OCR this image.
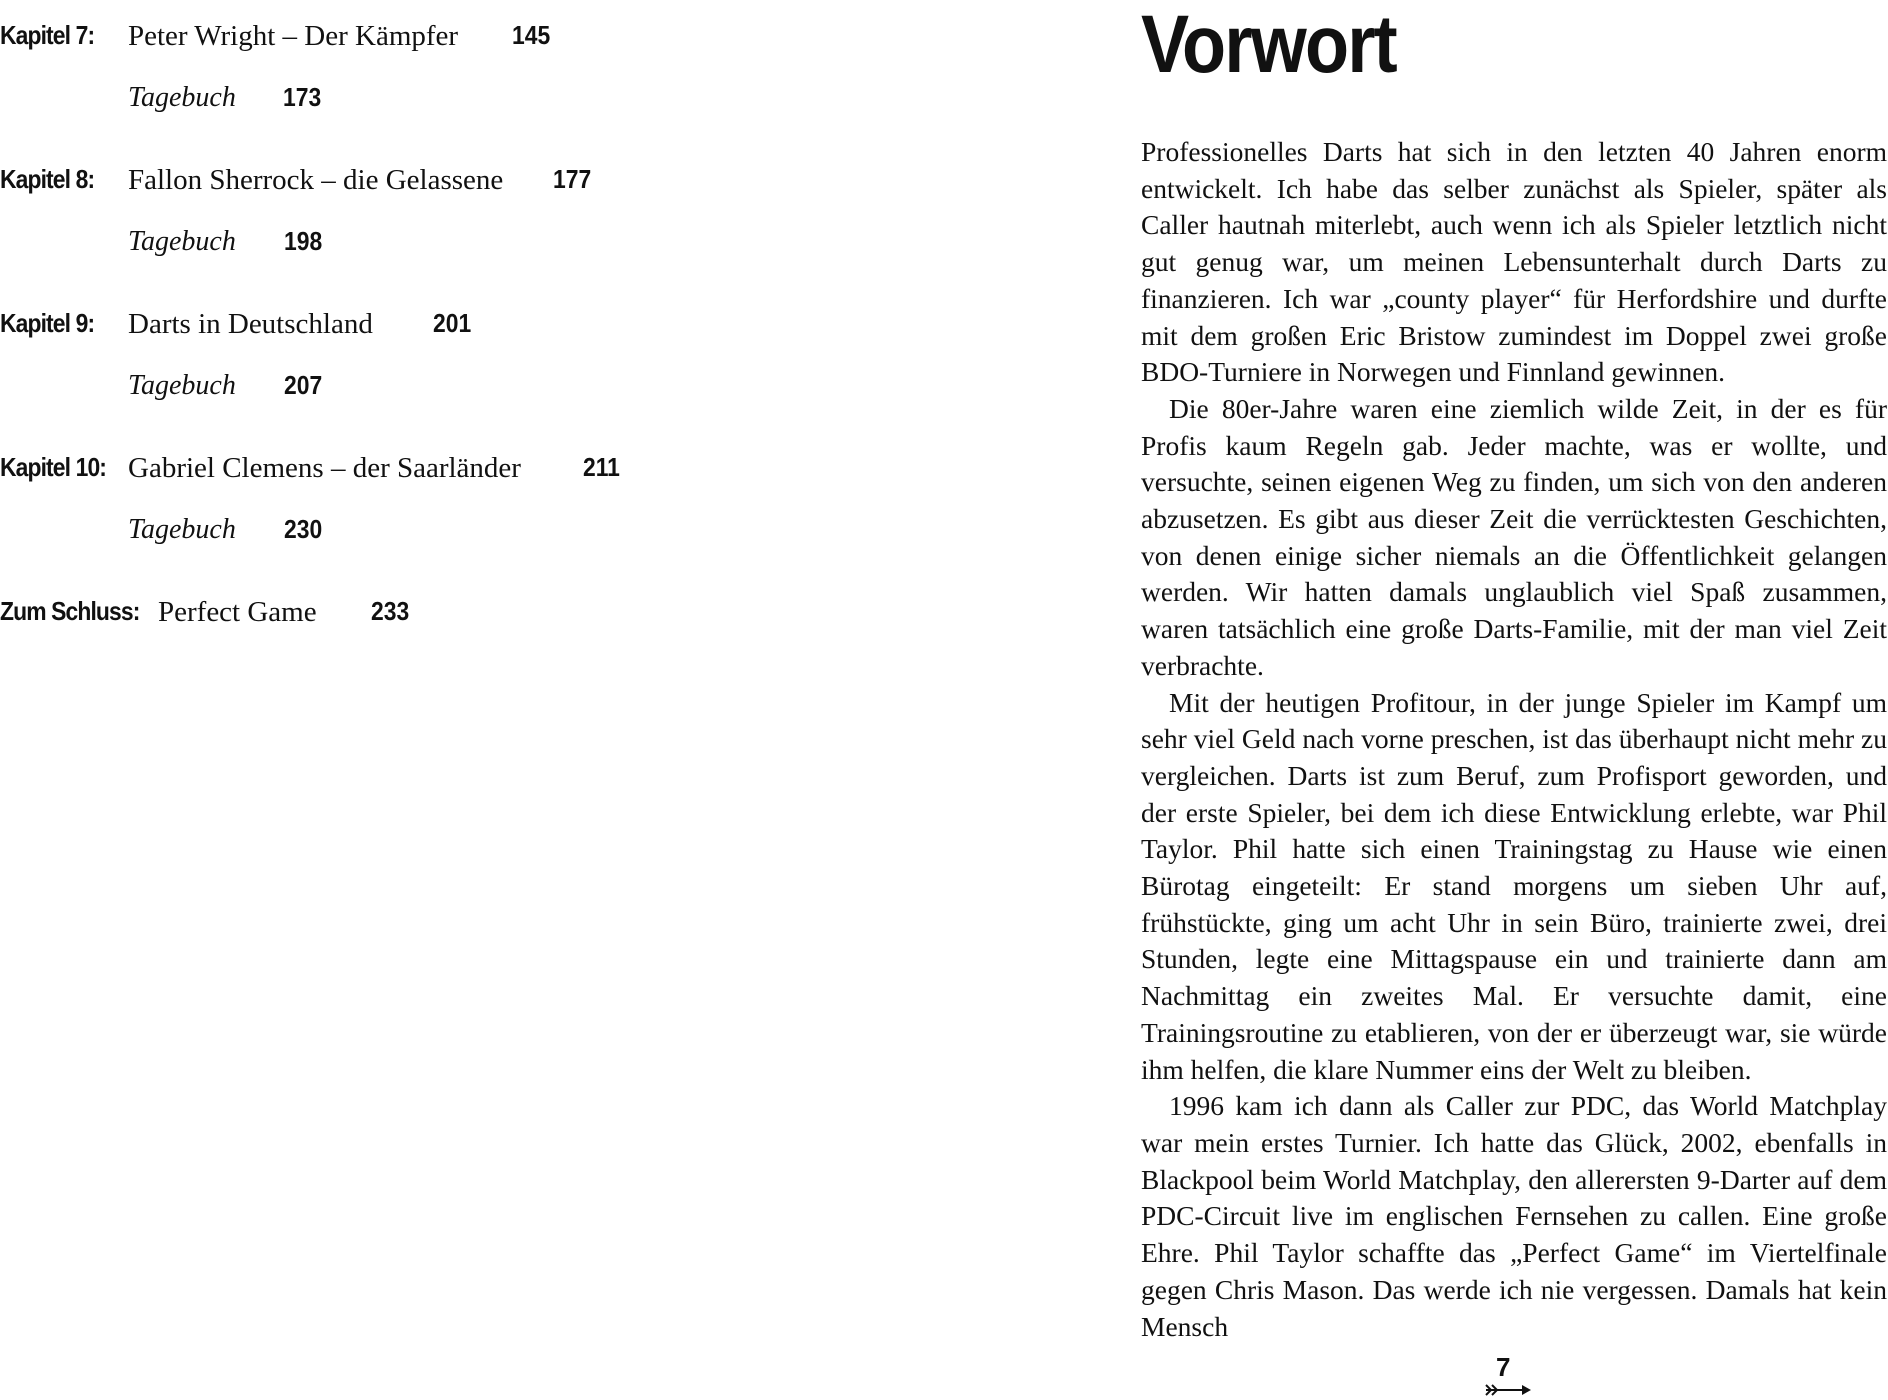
Kapitel 7: Peter Wright – Der Kämpfer 145
Tagebuch 173
Kapitel 8: Fallon Sherrock – die Gelassene 177
Tagebuch 198
Kapitel 9: Darts in Deutschland 201
Tagebuch 207
Kapitel 10: Gabriel Clemens – der Saarländer 211
Tagebuch 230
Zum Schluss: Perfect Game 233
Vorwort

Professionelles Darts hat sich in den letzten 40 Jahren enorm entwickelt. Ich habe das selber zunächst als Spieler, später als Caller hautnah miterlebt, auch wenn ich als Spieler letztlich nicht gut genug war, um meinen Lebensunterhalt durch Darts zu finanzieren. Ich war „county player“ für Herfordshire und durfte mit dem großen Eric Bristow zumindest im Doppel zwei große BDO-Turniere in Norwegen und Finnland gewinnen.

Die 80er-Jahre waren eine ziemlich wilde Zeit, in der es für Profis kaum Regeln gab. Jeder machte, was er wollte, und versuchte, seinen eigenen Weg zu finden, um sich von den anderen abzusetzen. Es gibt aus dieser Zeit die verrücktesten Geschichten, von denen einige sicher niemals an die Öffentlichkeit gelangen werden. Wir hatten damals unglaublich viel Spaß zusammen, waren tatsächlich eine große Darts-Familie, mit der man viel Zeit verbrachte.

Mit der heutigen Profitour, in der junge Spieler im Kampf um sehr viel Geld nach vorne preschen, ist das überhaupt nicht mehr zu vergleichen. Darts ist zum Beruf, zum Profisport geworden, und der erste Spieler, bei dem ich diese Entwicklung erlebte, war Phil Taylor. Phil hatte sich einen Trainingstag zu Hause wie einen Bürotag eingeteilt: Er stand morgens um sieben Uhr auf, frühstückte, ging um acht Uhr in sein Büro, trainierte zwei, drei Stunden, legte eine Mittagspause ein und trainierte dann am Nachmittag ein zweites Mal. Er versuchte damit, eine Trainingsroutine zu etablieren, von der er überzeugt war, sie würde ihm helfen, die klare Nummer eins der Welt zu bleiben.

1996 kam ich dann als Caller zur PDC, das World Matchplay war mein erstes Turnier. Ich hatte das Glück, 2002, ebenfalls in Blackpool beim World Matchplay, den allerersten 9-Darter auf dem PDC-Circuit live im englischen Fernsehen zu callen. Eine große Ehre. Phil Taylor schaffte das „Perfect Game“ im Viertelfinale gegen Chris Mason. Das werde ich nie vergessen. Damals hat kein Mensch

7
